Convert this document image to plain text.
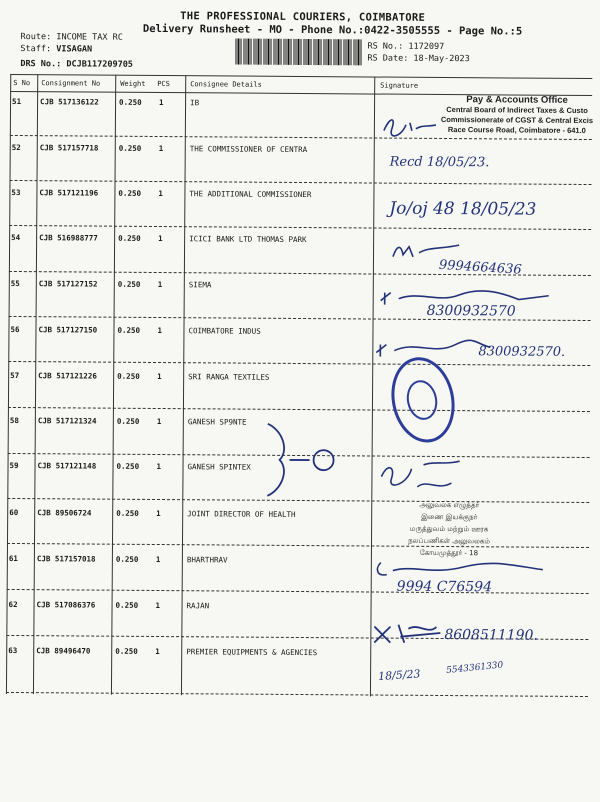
THE PROFESSIONAL COURIERS, COIMBATORE
Delivery Runsheet - MO - Phone No.:0422-3505555 - Page No.:5
Route: INCOME TAX RC
Staff: VISAGAN
DRS No.: DCJB117209705
RS No.: 1172097
RS Date: 18-May-2023
S No Consignment No	Weight PCS	Consignee Details	Signature
51	CJB 517136122	0.250 1	IB
52	CJB 517157718	0.250 1	THE COMMISSIONER OF CENTRA
53	CJB 517121196	0.250 1	THE ADDITIONAL COMMISSIONER
54	CJB 516988777	0.250 1	ICICI BANK LTD THOMAS PARK
55	CJB 517127152	0.250 1	SIEMA
56	CJB 517127150	0.250 1	COIMBATORE INDUS
57	CJB 517121226	0.250 1	SRI RANGA TEXTILES
58	CJB 517121324	0.250 1	GANESH SP9NTE
59	CJB 517121148	0.250 1	GANESH SPINTEX
60	CJB 89506724	0.250 1	JOINT DIRECTOR OF HEALTH
61	CJB 517157018	0.250 1	BHARTHRAV
62	CJB 517086376	0.250 1	RAJAN
63	CJB 89496470	0.250 1	PREMIER EQUIPMENTS & AGENCIES
Pay & Accounts Office
Central Board of Indirect Taxes & Custo
Commissionerate of CGST & Central Excis
Race Course Road, Coimbatore - 641.0
அலுவலக எழுத்தர்
இணை இயக்குநர்
மருத்துவம் மற்றும் ஊரக
நலப்பணிகள் அலுவலகம்
கோயமுத்தூர் - 18
Recd 18/05/23.
Jo/oj 48 18/05/23
9994664636
8300932570
8300932570.
9994 C76594
8608511190.
18/5/23	5543361330
